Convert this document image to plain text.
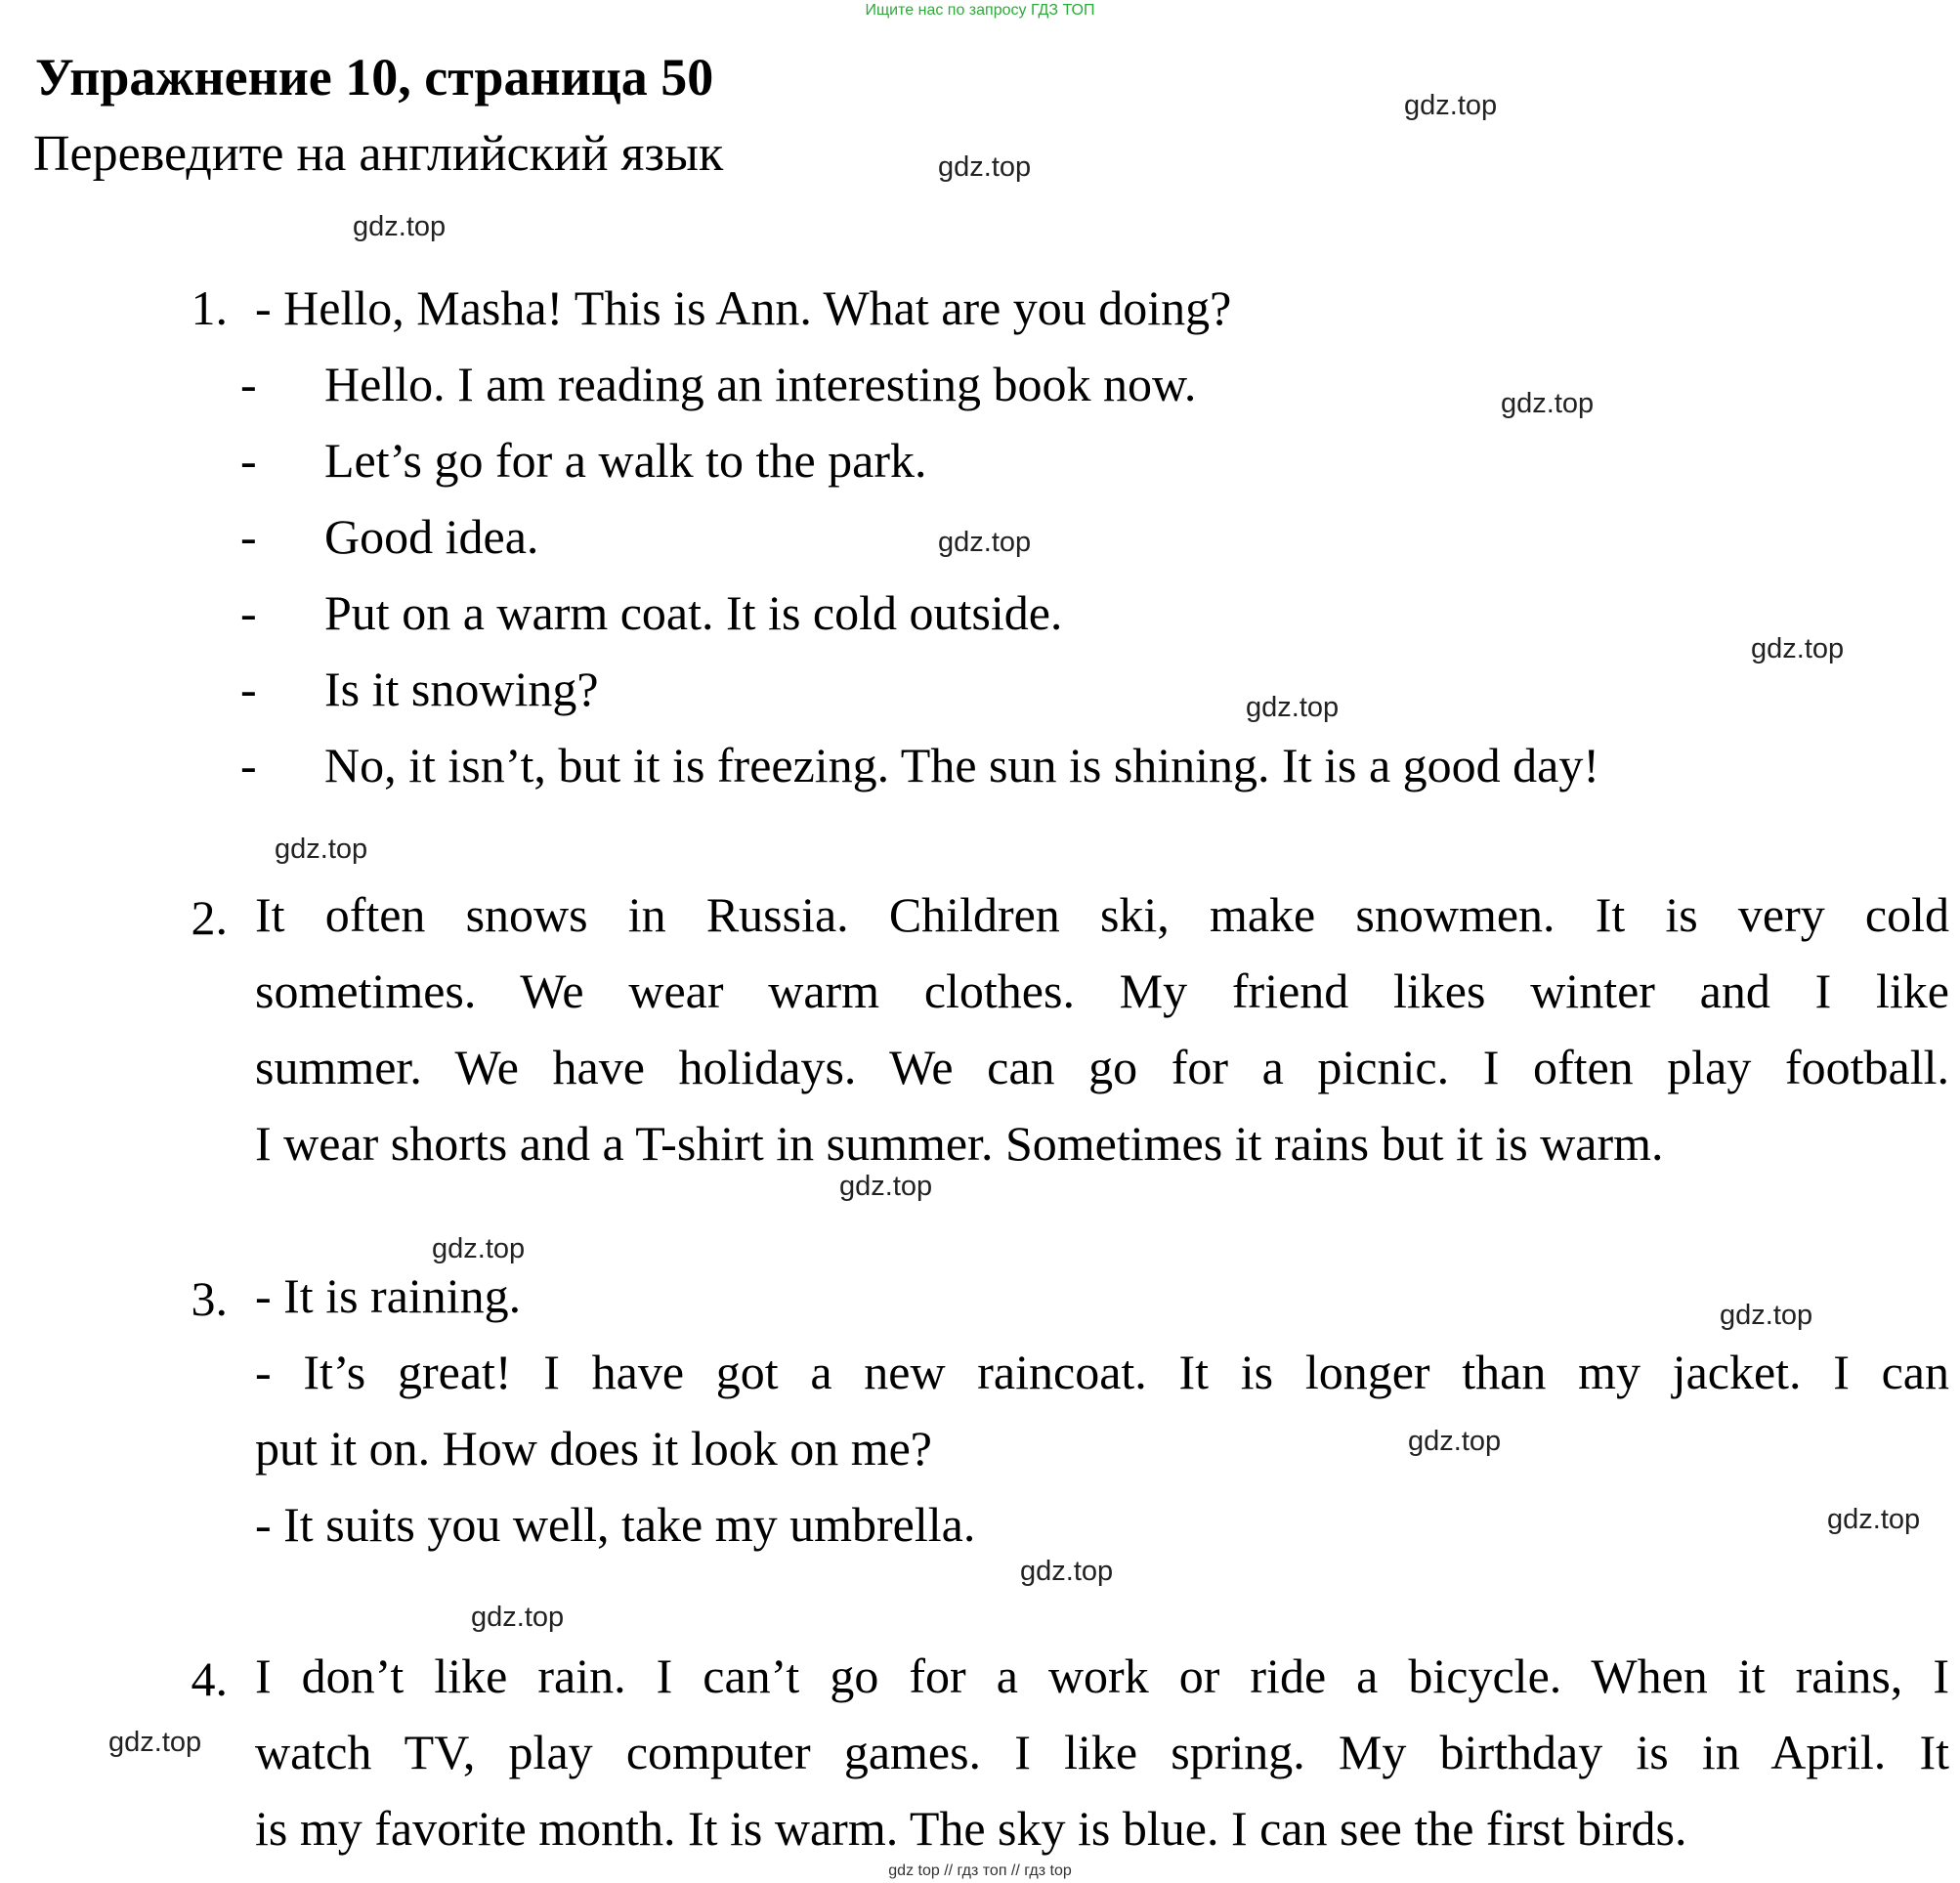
Ищите нас по запросу ГДЗ ТОП
gdz top // гдз топ // гдз top
Упражнение 10, страница 50
Переведите на английский язык
gdz.top
gdz.top
gdz.top
gdz.top
gdz.top
gdz.top
gdz.top
gdz.top
gdz.top
gdz.top
gdz.top
gdz.top
gdz.top
gdz.top
gdz.top
gdz.top
1. - Hello, Masha! This is Ann. What are you doing?
- Hello. I am reading an interesting book now.
- Let’s go for a walk to the park.
- Good idea.
- Put on a warm coat. It is cold outside.
- Is it snowing?
- No, it isn’t, but it is freezing. The sun is shining. It is a good day!
2. It often snows in Russia. Children ski, make snowmen. It is very cold
sometimes. We wear warm clothes. My friend likes winter and I like
summer. We have holidays. We can go for a picnic. I often play football.
I wear shorts and a T-shirt in summer. Sometimes it rains but it is warm.
3. - It is raining.
- It’s great! I have got a new raincoat. It is longer than my jacket. I can
put it on. How does it look on me?
- It suits you well, take my umbrella.
4. I don’t like rain. I can’t go for a work or ride a bicycle. When it rains, I
watch TV, play computer games. I like spring. My birthday is in April. It
is my favorite month. It is warm. The sky is blue. I can see the first birds.
